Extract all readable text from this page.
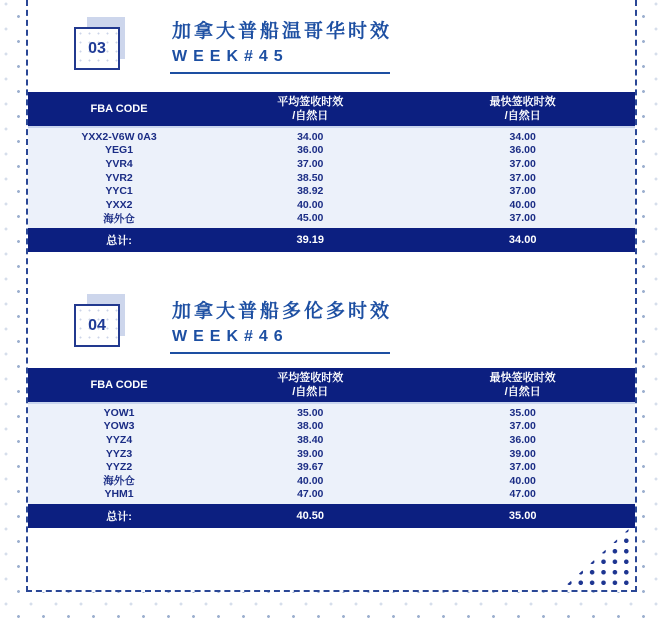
03
加拿大普船温哥华时效
WEEK#45
FBA CODE
平均签收时效
/自然日
最快签收时效
/自然日
YXX2-V6W 0A3	34.00	34.00
YEG1	36.00	36.00
YVR4	37.00	37.00
YVR2	38.50	37.00
YYC1	38.92	37.00
YXX2	40.00	40.00
海外仓	45.00	37.00
总计:	39.19	34.00
04
加拿大普船多伦多时效
WEEK#46
FBA CODE
平均签收时效
/自然日
最快签收时效
/自然日
YOW1	35.00	35.00
YOW3	38.00	37.00
YYZ4	38.40	36.00
YYZ3	39.00	39.00
YYZ2	39.67	37.00
海外仓	40.00	40.00
YHM1	47.00	47.00
总计:	40.50	35.00
